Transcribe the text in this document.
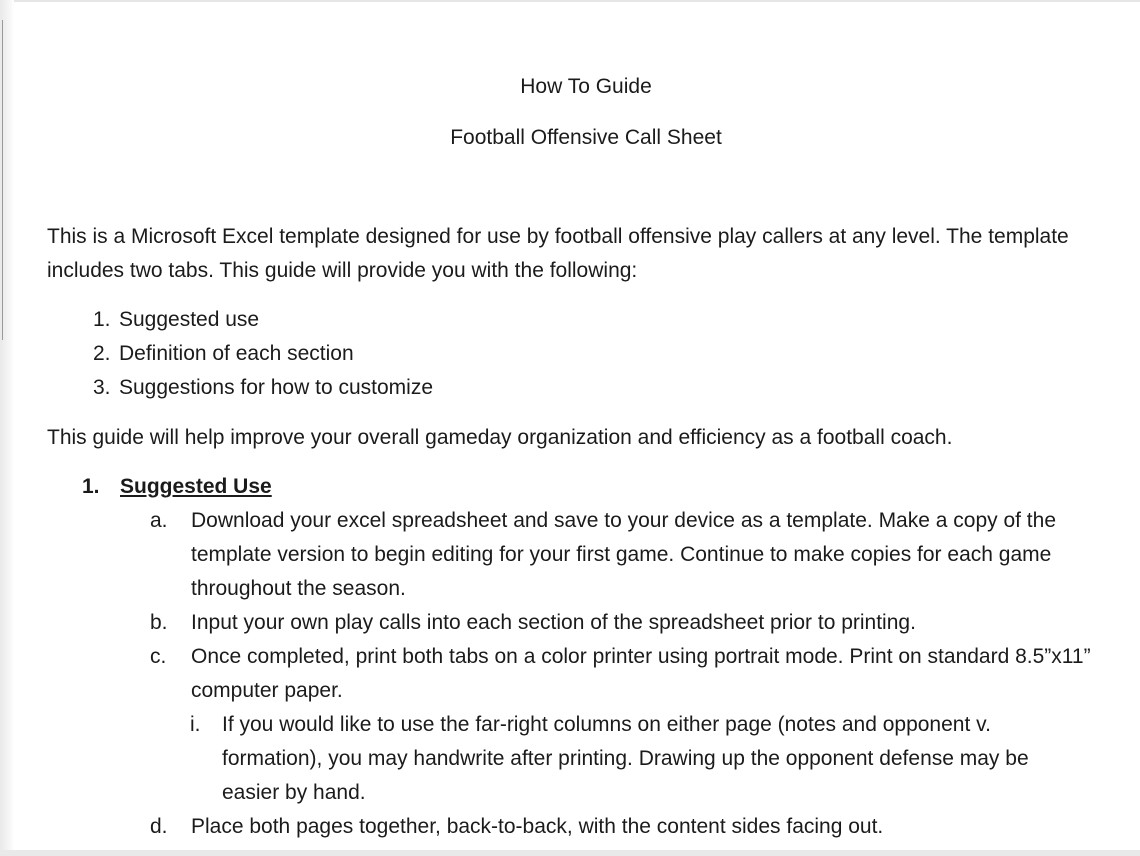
How To Guide
Football Offensive Call Sheet

This is a Microsoft Excel template designed for use by football offensive play callers at any level. The template includes two tabs. This guide will provide you with the following:

1. Suggested use
2. Definition of each section
3. Suggestions for how to customize

This guide will help improve your overall gameday organization and efficiency as a football coach.

1. Suggested Use
a.	Download your excel spreadsheet and save to your device as a template. Make a copy of the template version to begin editing for your first game. Continue to make copies for each game throughout the season.
b.	Input your own play calls into each section of the spreadsheet prior to printing.
c.	Once completed, print both tabs on a color printer using portrait mode. Print on standard 8.5”x11” computer paper.
i.	If you would like to use the far-right columns on either page (notes and opponent v. formation), you may handwrite after printing. Drawing up the opponent defense may be easier by hand.
d.	Place both pages together, back-to-back, with the content sides facing out.
